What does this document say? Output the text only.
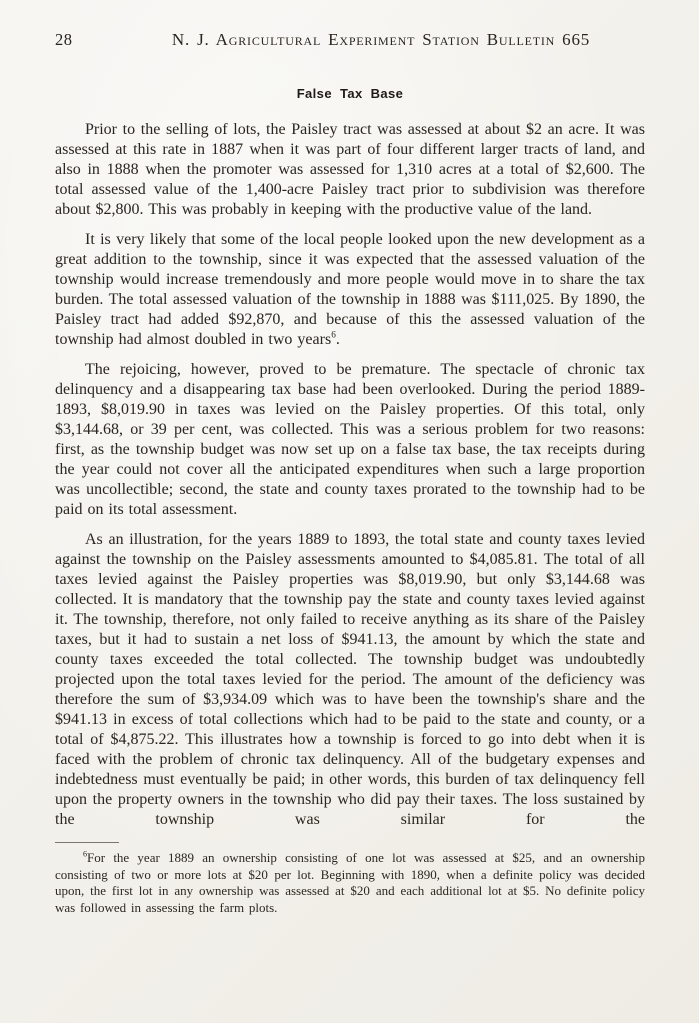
28	N. J. Agricultural Experiment Station Bulletin 665
False Tax Base

Prior to the selling of lots, the Paisley tract was assessed at about $2 an acre. It was assessed at this rate in 1887 when it was part of four different larger tracts of land, and also in 1888 when the promoter was assessed for 1,310 acres at a total of $2,600. The total assessed value of the 1,400-acre Paisley tract prior to subdivision was therefore about $2,800. This was probably in keeping with the productive value of the land.

It is very likely that some of the local people looked upon the new development as a great addition to the township, since it was expected that the assessed valuation of the township would increase tremendously and more people would move in to share the tax burden. The total assessed valuation of the township in 1888 was $111,025. By 1890, the Paisley tract had added $92,870, and because of this the assessed valuation of the township had almost doubled in two years$^6$.

The rejoicing, however, proved to be premature. The spectacle of chronic tax delinquency and a disappearing tax base had been overlooked. During the period 1889-1893, $8,019.90 in taxes was levied on the Paisley properties. Of this total, only $3,144.68, or 39 per cent, was collected. This was a serious problem for two reasons: first, as the township budget was now set up on a false tax base, the tax receipts during the year could not cover all the anticipated expenditures when such a large proportion was uncollectible; second, the state and county taxes prorated to the township had to be paid on its total assessment.

As an illustration, for the years 1889 to 1893, the total state and county taxes levied against the township on the Paisley assessments amounted to $4,085.81. The total of all taxes levied against the Paisley properties was $8,019.90, but only $3,144.68 was collected. It is mandatory that the township pay the state and county taxes levied against it. The township, therefore, not only failed to receive anything as its share of the Paisley taxes, but it had to sustain a net loss of $941.13, the amount by which the state and county taxes exceeded the total collected. The township budget was undoubtedly projected upon the total taxes levied for the period. The amount of the deficiency was therefore the sum of $3,934.09 which was to have been the township's share and the $941.13 in excess of total collections which had to be paid to the state and county, or a total of $4,875.22. This illustrates how a township is forced to go into debt when it is faced with the problem of chronic tax delinquency. All of the budgetary expenses and indebtedness must eventually be paid; in other words, this burden of tax delinquency fell upon the property owners in the township who did pay their taxes. The loss sustained by the township was similar for the

$^6$For the year 1889 an ownership consisting of one lot was assessed at $25, and an ownership consisting of two or more lots at $20 per lot. Beginning with 1890, when a definite policy was decided upon, the first lot in any ownership was assessed at $20 and each additional lot at $5. No definite policy was followed in assessing the farm plots.
